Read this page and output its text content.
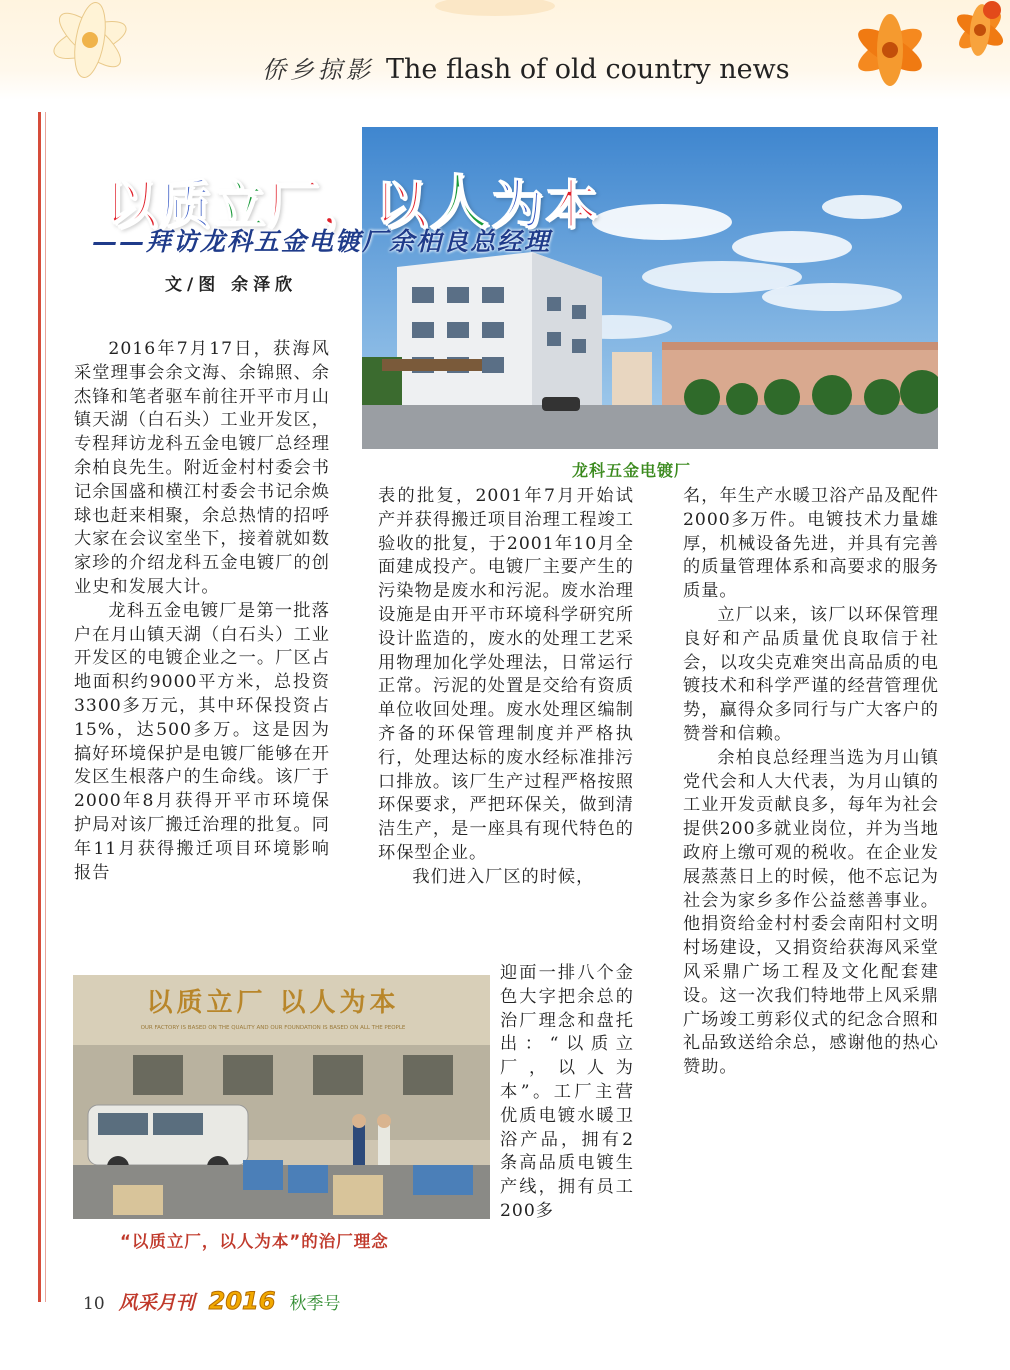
侨乡掠影 The flash of old country news
以质立厂，以人为本
——拜访龙科五金电镀厂余柏良总经理
文/图 余泽欣
龙科五金电镀厂

2016年7月17日，获海风采堂理事会余文海、余锦照、余杰锋和笔者驱车前往开平市月山镇天湖（白石头）工业开发区，专程拜访龙科五金电镀厂总经理余柏良先生。附近金村村委会书记余国盛和横江村委会书记余焕球也赶来相聚，余总热情的招呼大家在会议室坐下，接着就如数家珍的介绍龙科五金电镀厂的创业史和发展大计。

龙科五金电镀厂是第一批落户在月山镇天湖（白石头）工业开发区的电镀企业之一。厂区占地面积约9000平方米，总投资3300多万元，其中环保投资占15%，达500多万。这是因为搞好环境保护是电镀厂能够在开发区生根落户的生命线。该厂于2000年8月获得开平市环境保护局对该厂搬迁治理的批复。同年11月获得搬迁项目环境影响报告

表的批复，2001年7月开始试产并获得搬迁项目治理工程竣工验收的批复，于2001年10月全面建成投产。电镀厂主要产生的污染物是废水和污泥。废水治理设施是由开平市环境科学研究所设计监造的，废水的处理工艺采用物理加化学处理法，日常运行正常。污泥的处置是交给有资质单位收回处理。废水处理区编制齐备的环保管理制度并严格执行，处理达标的废水经标准排污口排放。该厂生产过程严格按照环保要求，严把环保关，做到清洁生产，是一座具有现代特色的环保型企业。

我们进入厂区的时候，

迎面一排八个金色大字把余总的治厂理念和盘托出：“以质立厂，以人为本”。工厂主营优质电镀水暖卫浴产品，拥有2条高品质电镀生产线，拥有员工200多

名，年生产水暖卫浴产品及配件2000多万件。电镀技术力量雄厚，机械设备先进，并具有完善的质量管理体系和高要求的服务质量。

立厂以来，该厂以环保管理良好和产品质量优良取信于社会，以攻尖克难突出高品质的电镀技术和科学严谨的经营管理优势，赢得众多同行与广大客户的赞誉和信赖。

余柏良总经理当选为月山镇党代会和人大代表，为月山镇的工业开发贡献良多，每年为社会提供200多就业岗位，并为当地政府上缴可观的税收。在企业发展蒸蒸日上的时候，他不忘记为社会为家乡多作公益慈善事业。他捐资给金村村委会南阳村文明村场建设，又捐资给获海风采堂风采鼎广场工程及文化配套建设。这一次我们特地带上风采鼎广场竣工剪彩仪式的纪念合照和礼品致送给余总，感谢他的热心赞助。

以质立厂 以人为本
OUR FACTORY IS BASED ON THE QUALITY AND OUR FOUNDATION IS BASED ON ALL THE PEOPLE
“以质立厂，以人为本”的治厂理念
10 风采月刊 2016 秋季号
